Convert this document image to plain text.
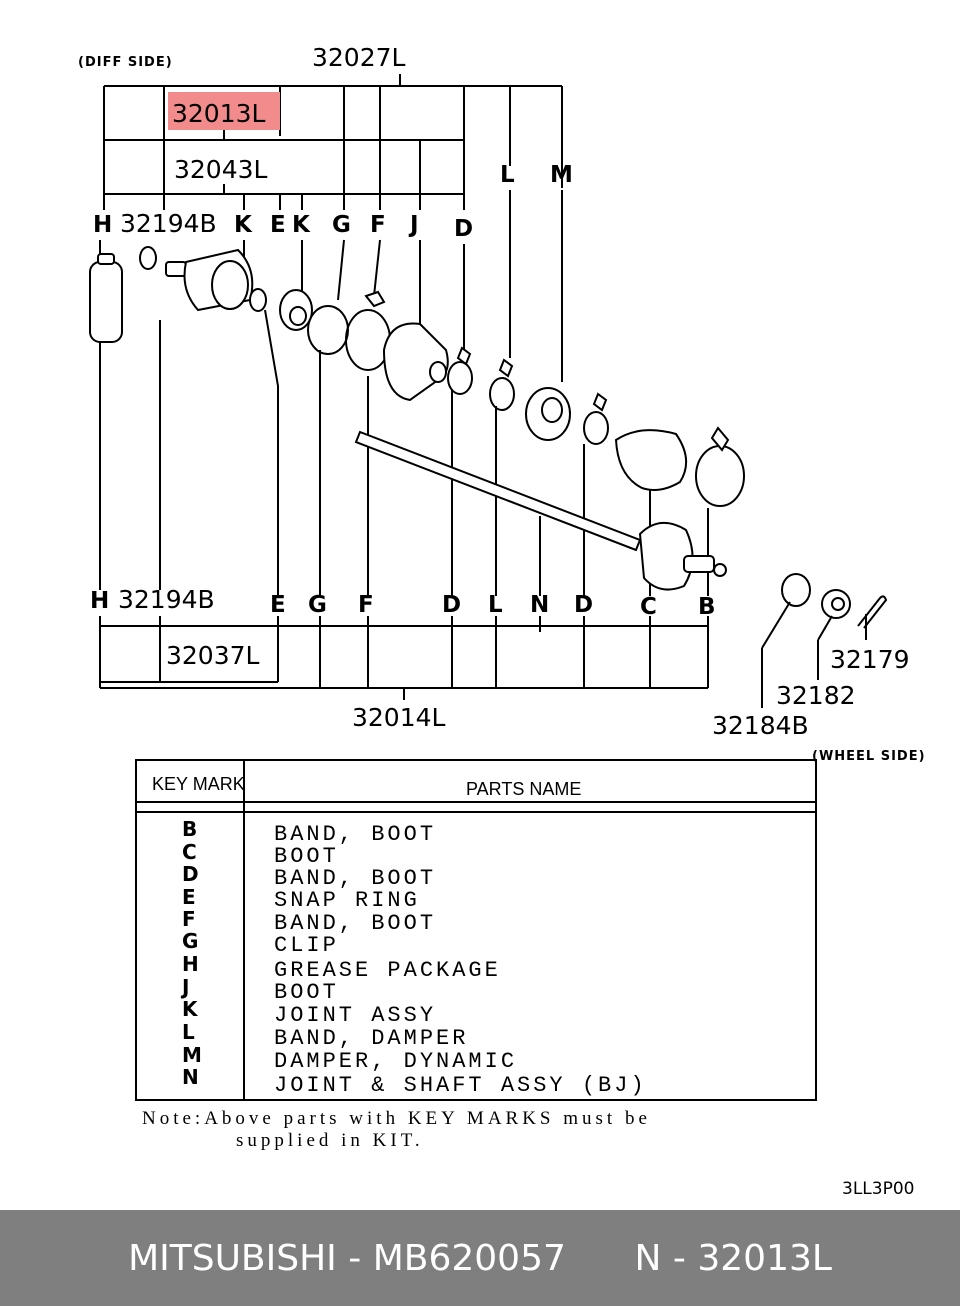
(DIFF SIDE)	32027L
32013L
32043L
H 32194B K E K G F J D
L M
H 32194B E G F	D L N D C B
32037L
32014L
32179
32182
32184B
(WHEEL SIDE)
KEY MARK	PARTS NAME
B	BAND, BOOT
C	BOOT
D	BAND, BOOT
E	SNAP RING
F	BAND, BOOT
G	CLIP
H	GREASE PACKAGE
J	BOOT
K	JOINT ASSY
L	BAND, DAMPER
M	DAMPER, DYNAMIC
N	JOINT & SHAFT ASSY (BJ)
Note:Above parts with KEY MARKS must be
supplied in KIT.
3LL3P00
MITSUBISHI - MB620057
N - 32013L
